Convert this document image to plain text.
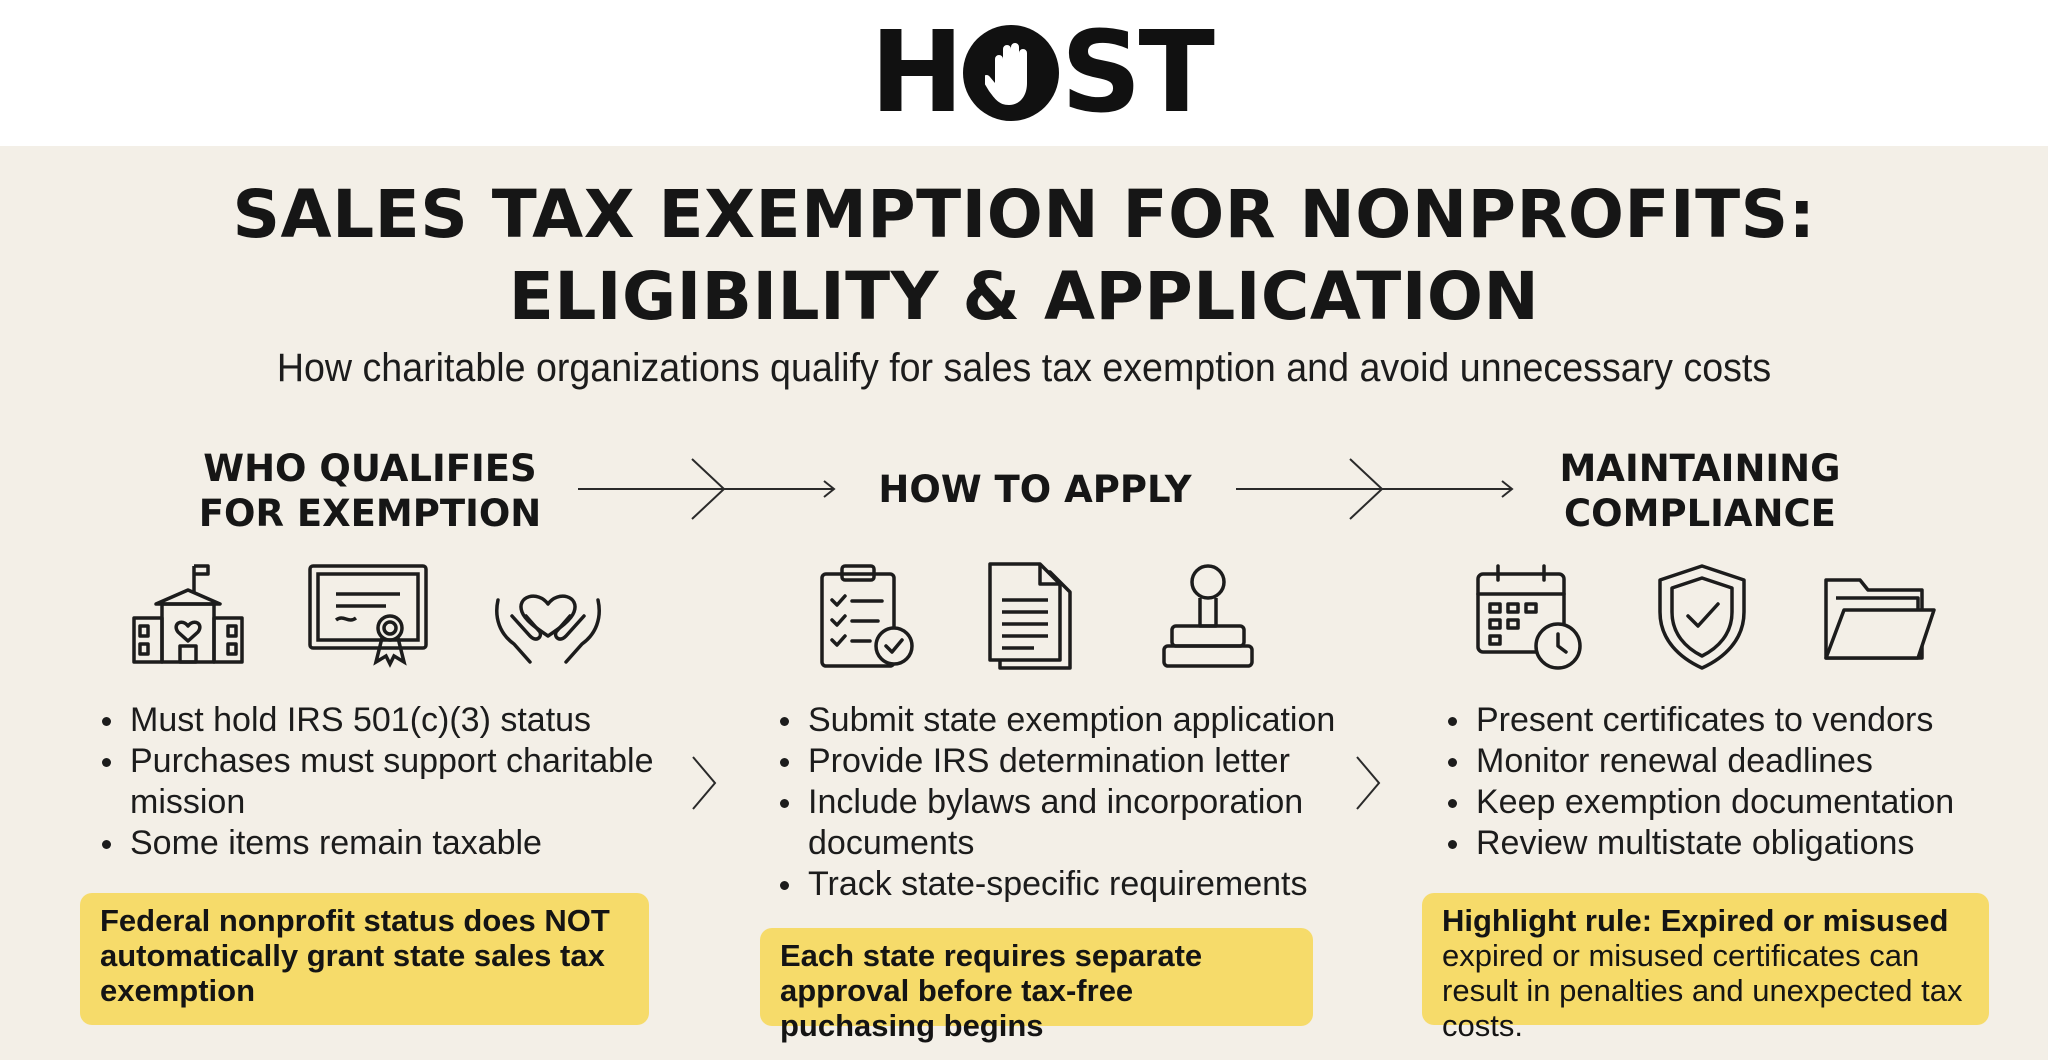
H ST
SALES TAX EXEMPTION FOR NONPROFITS:
ELIGIBILITY & APPLICATION
How charitable organizations qualify for sales tax exemption and avoid unnecessary costs
WHO QUALIFIES
FOR EXEMPTION
HOW TO APPLY	MAINTAINING
COMPLIANCE
Must hold IRS 501(c)(3) status
Purchases must support charitable mission
Some items remain taxable
Submit state exemption application
Provide IRS determination letter
Include bylaws and incorporation documents
Track state-specific requirements
Present certificates to vendors
Monitor renewal deadlines
Keep exemption documentation
Review multistate obligations
Federal nonprofit status does NOT automatically grant state sales tax exemption
Each state requires separate approval before tax-free puchasing begins
Highlight rule: Expired or misused
expired or misused certificates can result in penalties and unexpected tax costs.
